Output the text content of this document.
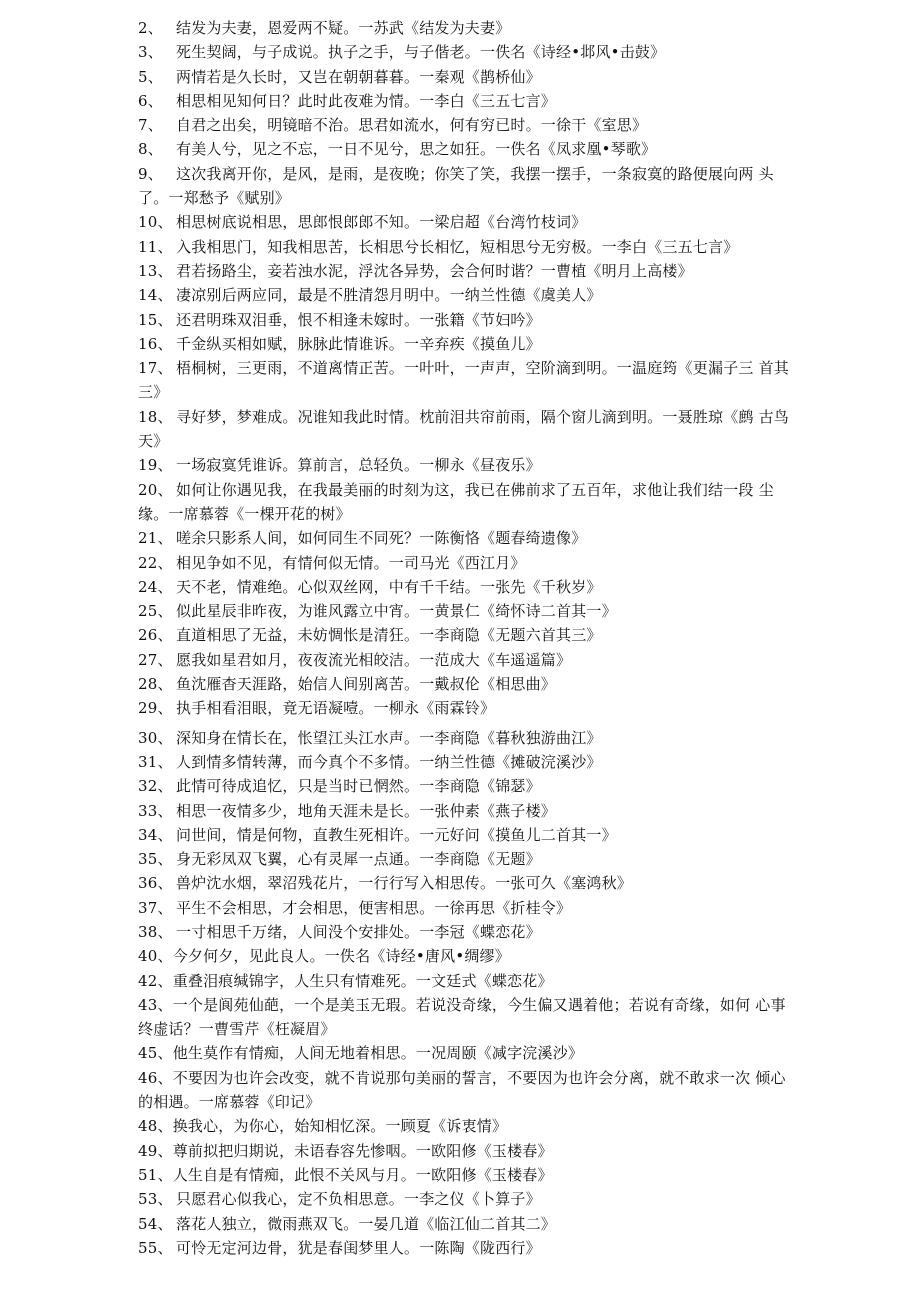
2、 结发为夫妻，恩爱两不疑。一苏武《结发为夫妻》
3、 死生契阔，与子成说。执子之手，与子偕老。一佚名《诗经•邶风•击鼓》
5、 两情若是久长时，又岂在朝朝暮暮。一秦观《鹊桥仙》
6、 相思相见知何日？此时此夜难为情。一李白《三五七言》
7、 自君之出矣，明镜暗不治。思君如流水，何有穷已时。一徐干《室思》
8、 有美人兮，见之不忘，一日不见兮，思之如狂。一佚名《凤求凰•琴歌》
9、 这次我离开你，是风，是雨，是夜晚；你笑了笑，我摆一摆手，一条寂寞的路便展向两 头了。一郑愁予《赋别》
10、 相思树底说相思，思郎恨郎郎不知。一梁启超《台湾竹枝词》
11、 入我相思门，知我相思苦，长相思兮长相忆，短相思兮无穷极。一李白《三五七言》
13、 君若扬路尘，妾若浊水泥，浮沈各异势，会合何时谐？一曹植《明月上高楼》
14、 凄凉别后两应同，最是不胜清怨月明中。一纳兰性德《虞美人》
15、 还君明珠双泪垂，恨不相逢未嫁时。一张籍《节妇吟》
16、 千金纵买相如赋，脉脉此情谁诉。一辛弃疾《摸鱼儿》
17、 梧桐树，三更雨，不道离情正苦。一叶叶，一声声，空阶滴到明。一温庭筠《更漏子三 首其三》
18、 寻好梦，梦难成。况谁知我此时情。枕前泪共帘前雨，隔个窗儿滴到明。一聂胜琼《鹧 古鸟天》
19、 一场寂寞凭谁诉。算前言，总轻负。一柳永《昼夜乐》
20、 如何让你遇见我，在我最美丽的时刻为这，我已在佛前求了五百年，求他让我们结一段 尘缘。一席慕蓉《一棵开花的树》
21、 嗟余只影系人间，如何同生不同死？一陈衡恪《题春绮遗像》
22、 相见争如不见，有情何似无情。一司马光《西江月》
24、 天不老，情难绝。心似双丝网，中有千千结。一张先《千秋岁》
25、 似此星辰非昨夜，为谁风露立中宵。一黄景仁《绮怀诗二首其一》
26、 直道相思了无益，未妨惆怅是清狂。一李商隐《无题六首其三》
27、 愿我如星君如月，夜夜流光相皎洁。一范成大《车遥遥篇》
28、 鱼沈雁杳天涯路，始信人间别离苦。一戴叔伦《相思曲》
29、 执手相看泪眼，竟无语凝噎。一柳永《雨霖铃》
30、 深知身在情长在，怅望江头江水声。一李商隐《暮秋独游曲江》
31、 人到情多情转薄，而今真个不多情。一纳兰性德《摊破浣溪沙》
32、 此情可待成追忆，只是当时已惘然。一李商隐《锦瑟》
33、 相思一夜情多少，地角天涯未是长。一张仲素《燕子楼》
34、 问世间，情是何物，直教生死相许。一元好问《摸鱼儿二首其一》
35、 身无彩凤双飞翼，心有灵犀一点通。一李商隐《无题》
36、 兽炉沈水烟，翠沼残花片，一行行写入相思传。一张可久《塞鸿秋》
37、 平生不会相思，才会相思，便害相思。一徐再思《折桂令》
38、 一寸相思千万绪，人间没个安排处。一李冠《蝶恋花》
40、今夕何夕，见此良人。一佚名《诗经•唐风•绸缪》
42、重叠泪痕缄锦字，人生只有情难死。一文廷式《蝶恋花》
43、一个是阆苑仙葩，一个是美玉无瑕。若说没奇缘，今生偏又遇着他；若说有奇缘，如何 心事终虚话？一曹雪芹《枉凝眉》
45、他生莫作有情痴，人间无地着相思。一况周颐《减字浣溪沙》
46、不要因为也许会改变，就不肯说那句美丽的誓言，不要因为也许会分离，就不敢求一次 倾心的相遇。一席慕蓉《印记》
48、换我心，为你心，始知相忆深。一顾夏《诉衷情》
49、尊前拟把归期说，未语春容先惨咽。一欧阳修《玉楼春》
51、人生自是有情痴，此恨不关风与月。一欧阳修《玉楼春》
53、 只愿君心似我心，定不负相思意。一李之仪《卜算子》
54、 落花人独立，微雨燕双飞。一晏几道《临江仙二首其二》
55、 可怜无定河边骨，犹是春闺梦里人。一陈陶《陇西行》
